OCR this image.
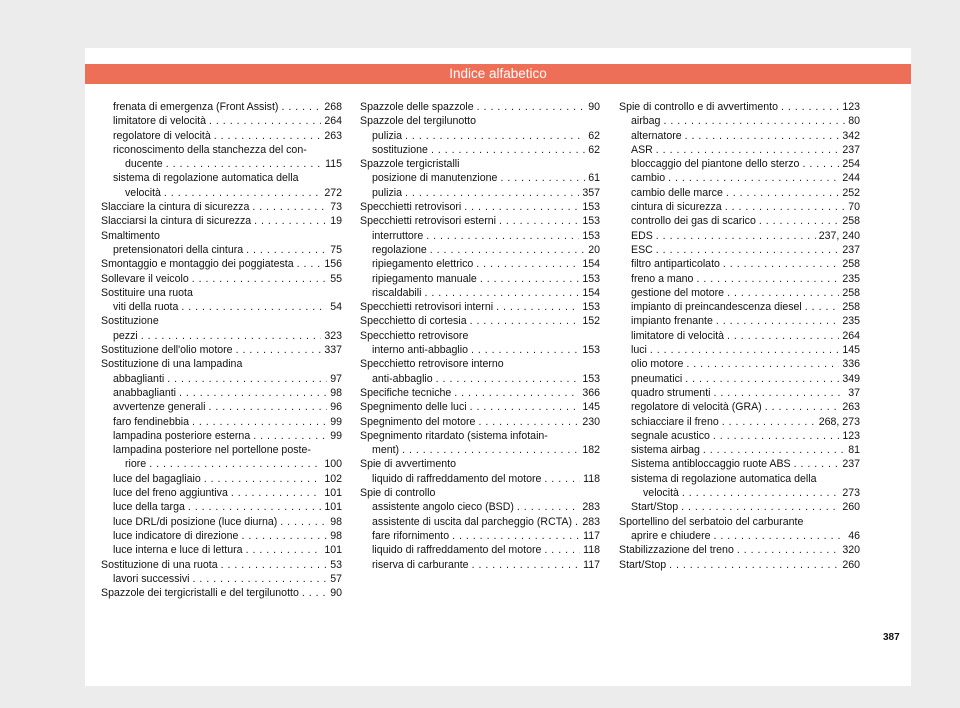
Indice alfabetico
frenata di emergenza (Front Assist) . . .	268
limitatore di velocità . . .	264
regolatore di velocità . . .	263
riconoscimento della stanchezza del con-
ducente . . .	115
sistema di regolazione automatica della
velocità . . .	272
Slacciare la cintura di sicurezza . . .	73
Slacciarsi la cintura di sicurezza . . .	19
Smaltimento
pretensionatori della cintura . . .	75
Smontaggio e montaggio dei poggiatesta . . .	156
Sollevare il veicolo . . .	55
Sostituire una ruota
viti della ruota . . .	54
Sostituzione
pezzi . . .	323
Sostituzione dell'olio motore . . .	337
Sostituzione di una lampadina
abbaglianti . . .	97
anabbaglianti . . .	98
avvertenze generali . . .	96
faro fendinebbia . . .	99
lampadina posteriore esterna . . .	99
lampadina posteriore nel portellone poste-
riore . . .	100
luce del bagagliaio . . .	102
luce del freno aggiuntiva . . .	101
luce della targa . . .	101
luce DRL/di posizione (luce diurna) . . .	98
luce indicatore di direzione . . .	98
luce interna e luce di lettura . . .	101
Sostituzione di una ruota . . .	53
lavori successivi . . .	57
Spazzole dei tergicristalli e del tergilunotto . . .	90
Spazzole delle spazzole . . .	90
Spazzole del tergilunotto
pulizia . . .	62
sostituzione . . .	62
Spazzole tergicristalli
posizione di manutenzione . . .	61
pulizia . . .	357
Specchietti retrovisori . . .	153
Specchietti retrovisori esterni . . .	153
interruttore . . .	153
regolazione . . .	20
ripiegamento elettrico . . .	154
ripiegamento manuale . . .	153
riscaldabili . . .	154
Specchietti retrovisori interni . . .	153
Specchietto di cortesia . . .	152
Specchietto retrovisore
interno anti-abbaglio . . .	153
Specchietto retrovisore interno
anti-abbaglio . . .	153
Specifiche tecniche . . .	366
Spegnimento delle luci . . .	145
Spegnimento del motore . . .	230
Spegnimento ritardato (sistema infotain-
ment) . . .	182
Spie di avvertimento
liquido di raffreddamento del motore . . .	118
Spie di controllo
assistente angolo cieco (BSD) . . .	283
assistente di uscita dal parcheggio (RCTA) . . . 283
fare rifornimento . . .	117
liquido di raffreddamento del motore . . .	118
riserva di carburante . . .	117
Spie di controllo e di avvertimento . . .	123
airbag . . .	80
alternatore . . .	342
ASR . . .	237
bloccaggio del piantone dello sterzo . . .	254
cambio . . .	244
cambio delle marce . . .	252
cintura di sicurezza . . .	70
controllo dei gas di scarico . . .	258
EDS . . .	237, 240
ESC . . .	237
filtro antiparticolato . . .	258
freno a mano . . .	235
gestione del motore . . .	258
impianto di preincandescenza diesel . . .	258
impianto frenante . . .	235
limitatore di velocità . . .	264
luci . . .	145
olio motore . . .	336
pneumatici . . .	349
quadro strumenti . . .	37
regolatore di velocità (GRA) . . .	263
schiacciare il freno . . .	268, 273
segnale acustico . . .	123
sistema airbag . . .	81
Sistema antibloccaggio ruote ABS . . .	237
sistema di regolazione automatica della
velocità . . .	273
Start/Stop . . .	260
Sportellino del serbatoio del carburante
aprire e chiudere . . .	46
Stabilizzazione del treno . . .	320
Start/Stop . . .	260
387
